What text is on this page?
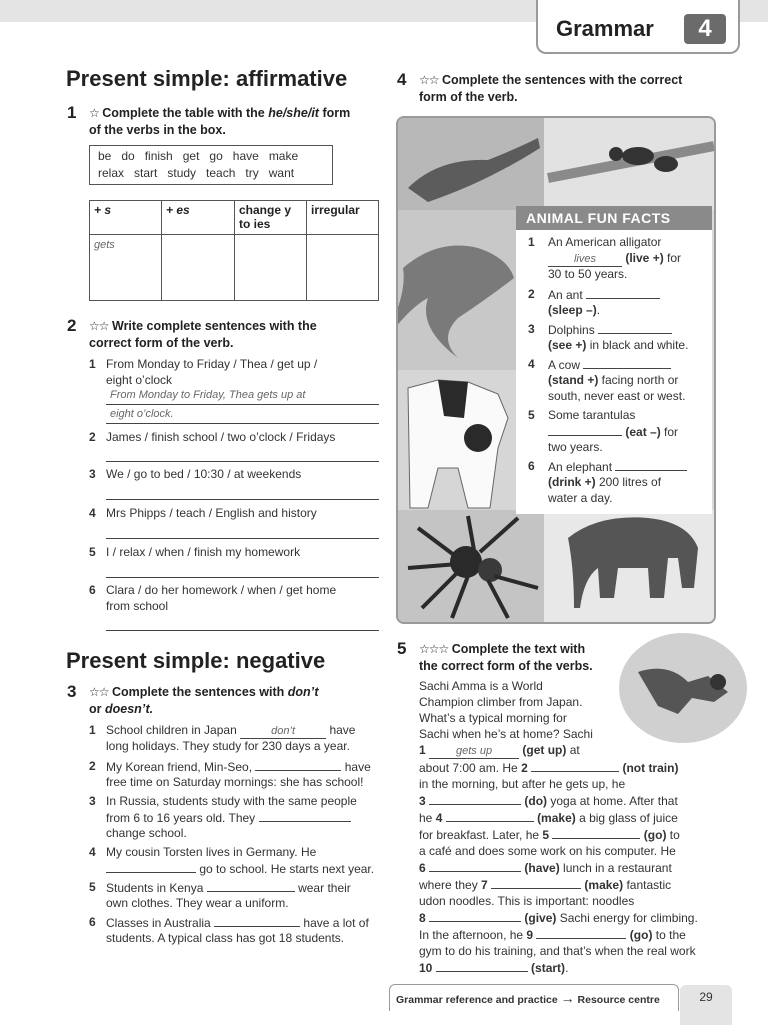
Grammar	4
Present simple: affirmative
1 ☆ Complete the table with the he/she/it form
of the verbs in the box.
be do finish get go have make
relax start study teach try want
+ s	+ es	change y to ies	irregular
gets			
2 ☆☆ Write complete sentences with the
correct form of the verb.
1 From Monday to Friday / Thea / get up /

eight o’clock
From Monday to Friday, Thea gets up at
eight o’clock.
2 James / finish school / two o’clock / Fridays
3 We / go to bed / 10:30 / at weekends
4 Mrs Phipps / teach / English and history
5 I / relax / when / finish my homework
6 Clara / do her homework / when / get home

from school
Present simple: negative
3 ☆☆ Complete the sentences with don’t
or doesn’t.
1 School children in Japan	don’t	have

long holidays. They study for 230 days a year.
2 My Korean friend, Min-Seo,	have

free time on Saturday mornings: she has school!
3 In Russia, students study with the same people

from 6 to 16 years old. They
change school.
4 My cousin Torsten lives in Germany. He

go to school. He starts next year.
5 Students in Kenya	wear their

own clothes. They wear a uniform.
6 Classes in Australia	have a lot of

students. A typical class has got 18 students.
4 ☆☆ Complete the sentences with the correct
form of the verb.
ANIMAL FUN FACTS
1 An American alligator

lives (live +) for
30 to 50 years.
2 An ant

(sleep –).
3 Dolphins

(see +) in black and white.
4 A cow

(stand +) facing north or
south, never east or west.
5 Some tarantulas

(eat –) for
two years.
6 An elephant

(drink +) 200 litres of
water a day.
5 ☆☆☆ Complete the text with
the correct form of the verbs.
Sachi Amma is a World
Champion climber from Japan.
What’s a typical morning for
Sachi when he’s at home? Sachi
1	gets up	(get up) at
about 7:00 am. He 2	(not train)
in the morning, but after he gets up, he
3	(do) yoga at home. After that
he 4	(make) a big glass of juice
for breakfast. Later, he 5	(go) to
a café and does some work on his computer. He
6	(have) lunch in a restaurant
where they 7	(make) fantastic
udon noodles. This is important: noodles
8	(give) Sachi energy for climbing.
In the afternoon, he 9	(go) to the
gym to do his training, and that’s when the real work
10	(start).
Grammar reference and practice → Resource centre	29
